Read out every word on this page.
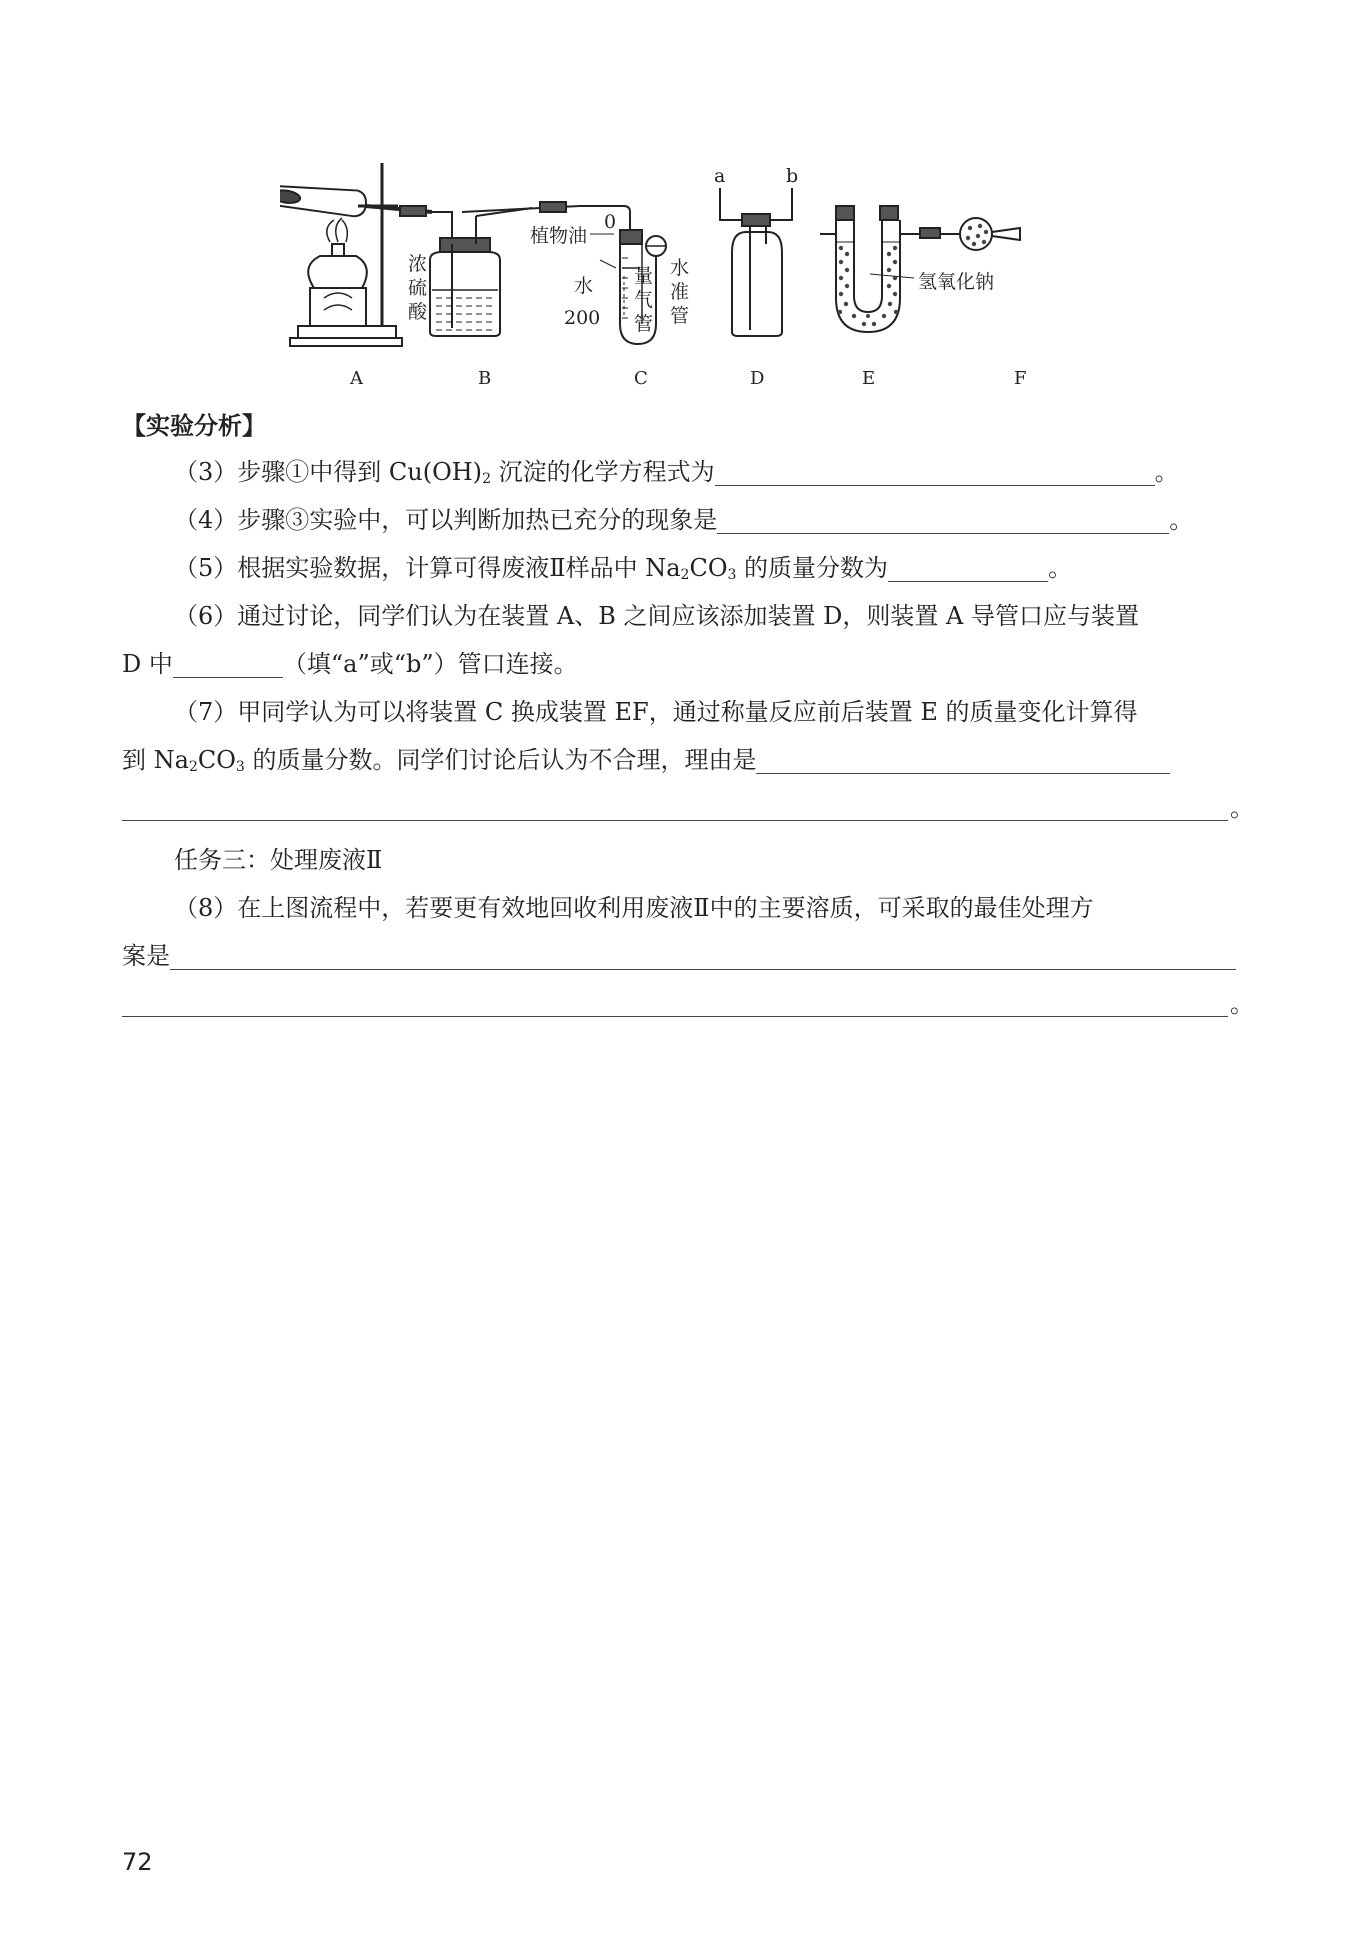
浓
硫
酸
植物油
0
水
200
量
气
管
水
准
管
a	b
氢氧化钠
A	B	C	D	E	F
【实验分析】
（3）步骤①中得到 $Cu(OH)_2$ 沉淀的化学方程式为	。
（4）步骤③实验中，可以判断加热已充分的现象是	。
（5）根据实验数据，计算可得废液Ⅱ样品中 $Na_2CO_3$ 的质量分数为	。
（6）通过讨论，同学们认为在装置 A、B 之间应该添加装置 D，则装置 A 导管口应与装置
D 中	（填“a”或“b”）管口连接。
（7）甲同学认为可以将装置 C 换成装置 EF，通过称量反应前后装置 E 的质量变化计算得
到 $Na_2CO_3$ 的质量分数。同学们讨论后认为不合理，理由是
。
任务三：处理废液Ⅱ
（8）在上图流程中，若要更有效地回收利用废液Ⅱ中的主要溶质，可采取的最佳处理方
案是
。
72
